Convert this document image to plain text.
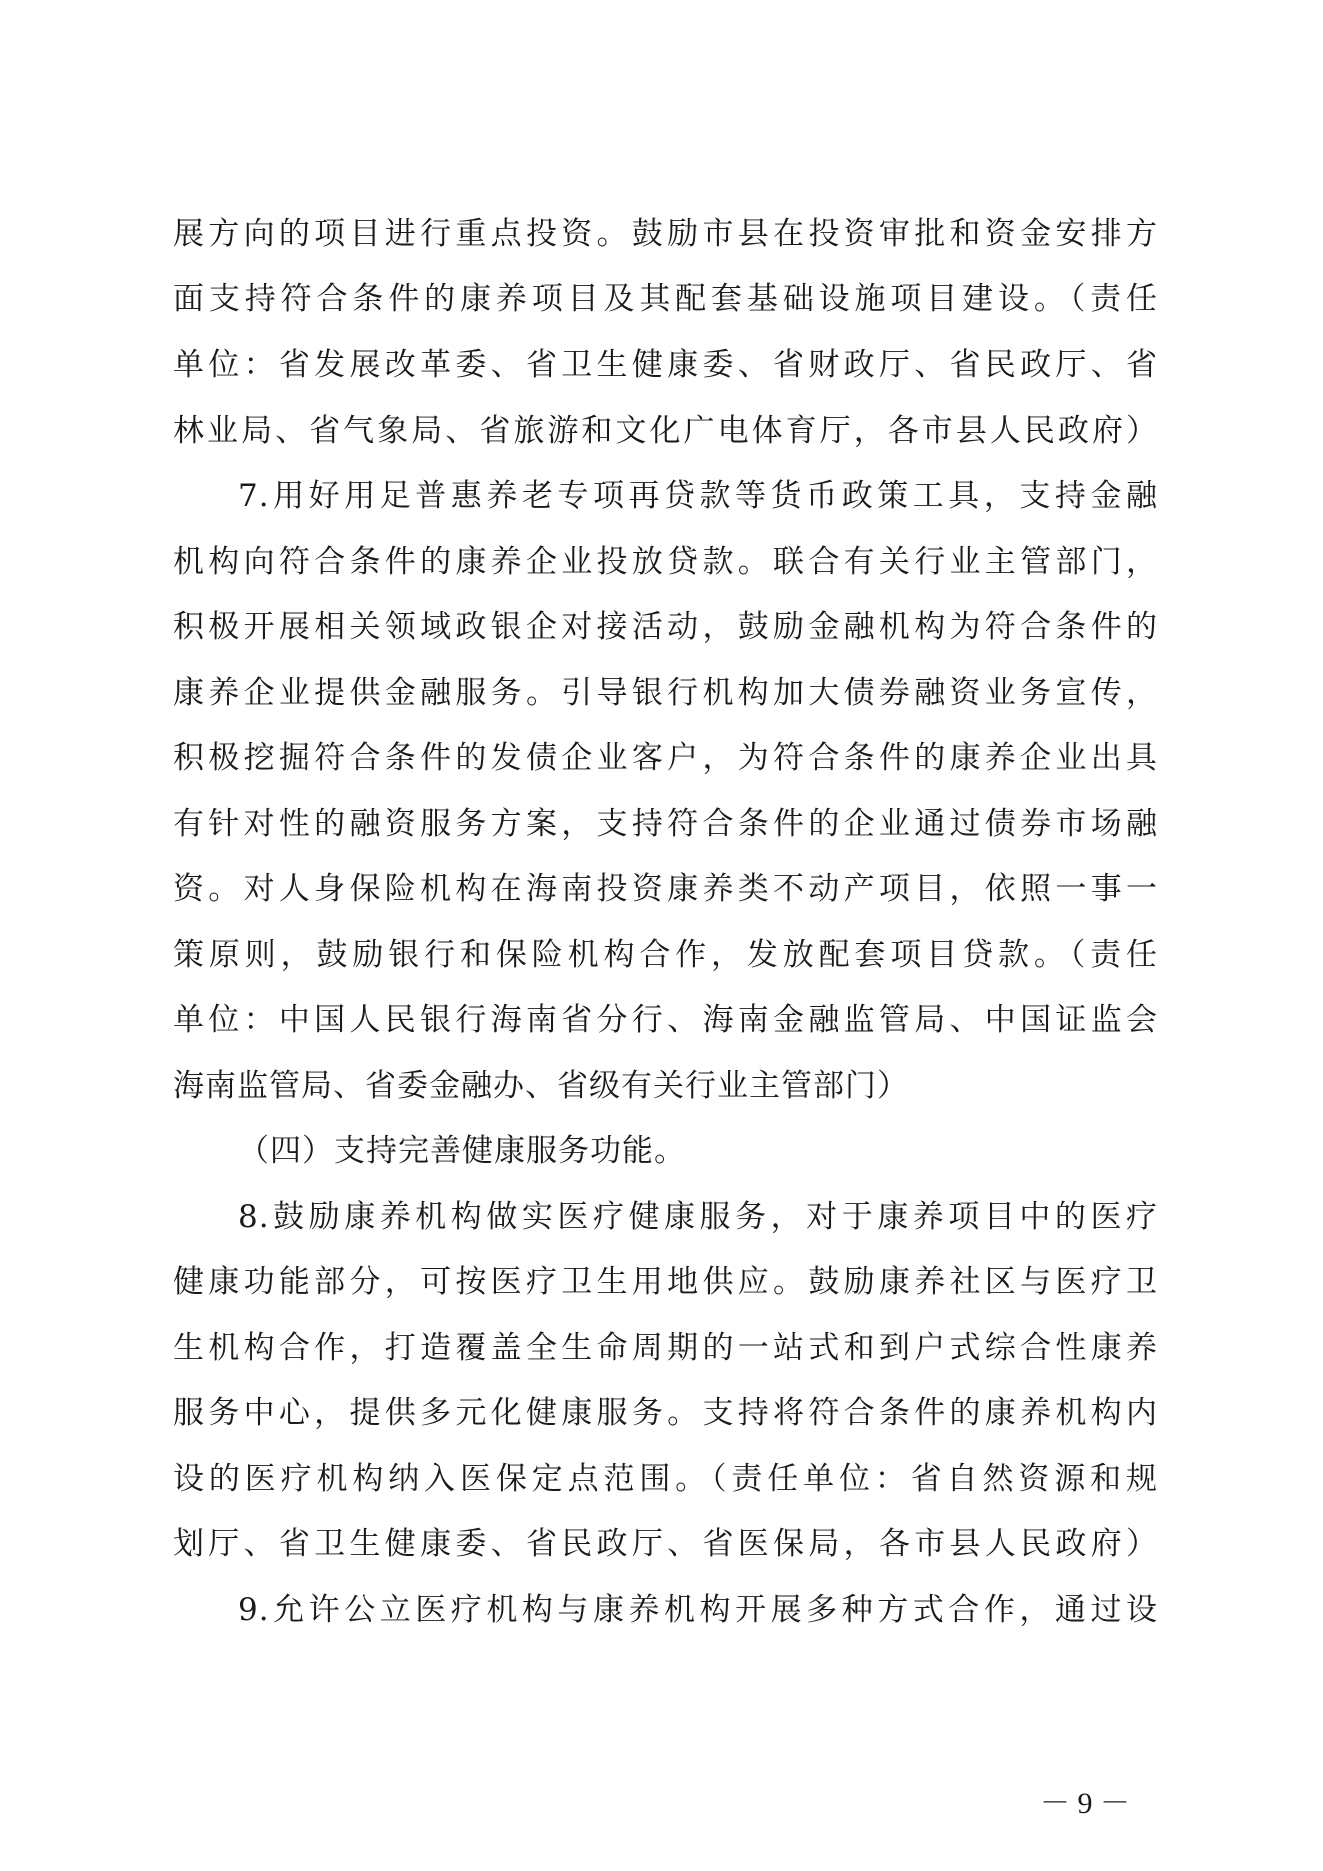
展方向的项目进行重点投资。鼓励市县在投资审批和资金安排方
面支持符合条件的康养项目及其配套基础设施项目建设。（责任
单位：省发展改革委、省卫生健康委、省财政厅、省民政厅、省
林业局、省气象局、省旅游和文化广电体育厅，各市县人民政府）
7.用好用足普惠养老专项再贷款等货币政策工具，支持金融
机构向符合条件的康养企业投放贷款。联合有关行业主管部门，
积极开展相关领域政银企对接活动，鼓励金融机构为符合条件的
康养企业提供金融服务。引导银行机构加大债券融资业务宣传，
积极挖掘符合条件的发债企业客户，为符合条件的康养企业出具
有针对性的融资服务方案，支持符合条件的企业通过债券市场融
资。对人身保险机构在海南投资康养类不动产项目，依照一事一
策原则，鼓励银行和保险机构合作，发放配套项目贷款。（责任
单位：中国人民银行海南省分行、海南金融监管局、中国证监会
海南监管局、省委金融办、省级有关行业主管部门）
（四）支持完善健康服务功能。
8.鼓励康养机构做实医疗健康服务，对于康养项目中的医疗
健康功能部分，可按医疗卫生用地供应。鼓励康养社区与医疗卫
生机构合作，打造覆盖全生命周期的一站式和到户式综合性康养
服务中心，提供多元化健康服务。支持将符合条件的康养机构内
设的医疗机构纳入医保定点范围。（责任单位：省自然资源和规
划厅、省卫生健康委、省民政厅、省医保局，各市县人民政府）
9.允许公立医疗机构与康养机构开展多种方式合作，通过设
－ 9 －
